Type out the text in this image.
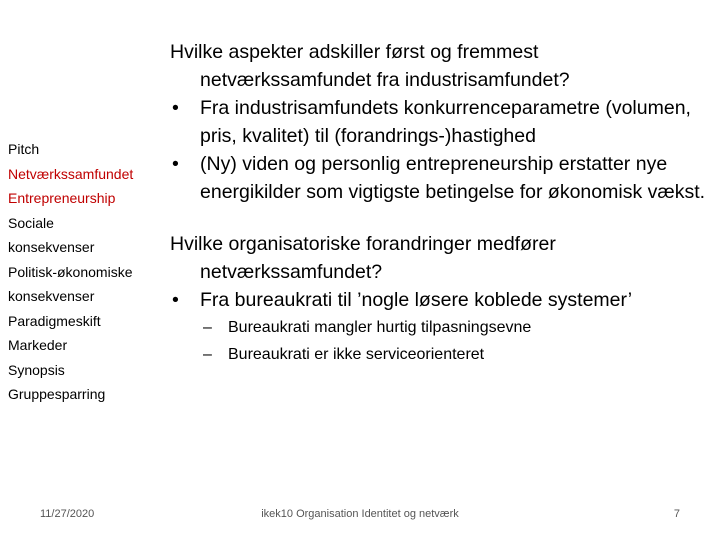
Pitch
Netværkssamfundet
Entrepreneurship
Sociale
konsekvenser
Politisk-økonomiske
konsekvenser
Paradigmeskift
Markeder
Synopsis
Gruppesparring
Hvilke aspekter adskiller først og fremmest netværkssamfundet fra industrisamfundet?
• Fra industrisamfundets konkurrenceparametre (volumen, pris, kvalitet) til (forandrings-)hastighed
• (Ny) viden og personlig entrepreneurship erstatter nye energikilder som vigtigste betingelse for økonomisk vækst.
Hvilke organisatoriske forandringer medfører netværkssamfundet?
• Fra bureaukrati til ’nogle løsere koblede systemer’
– Bureaukrati mangler hurtig tilpasningsevne
– Bureaukrati er ikke serviceorienteret
11/27/2020	ikek10 Organisation Identitet og netværk	7
